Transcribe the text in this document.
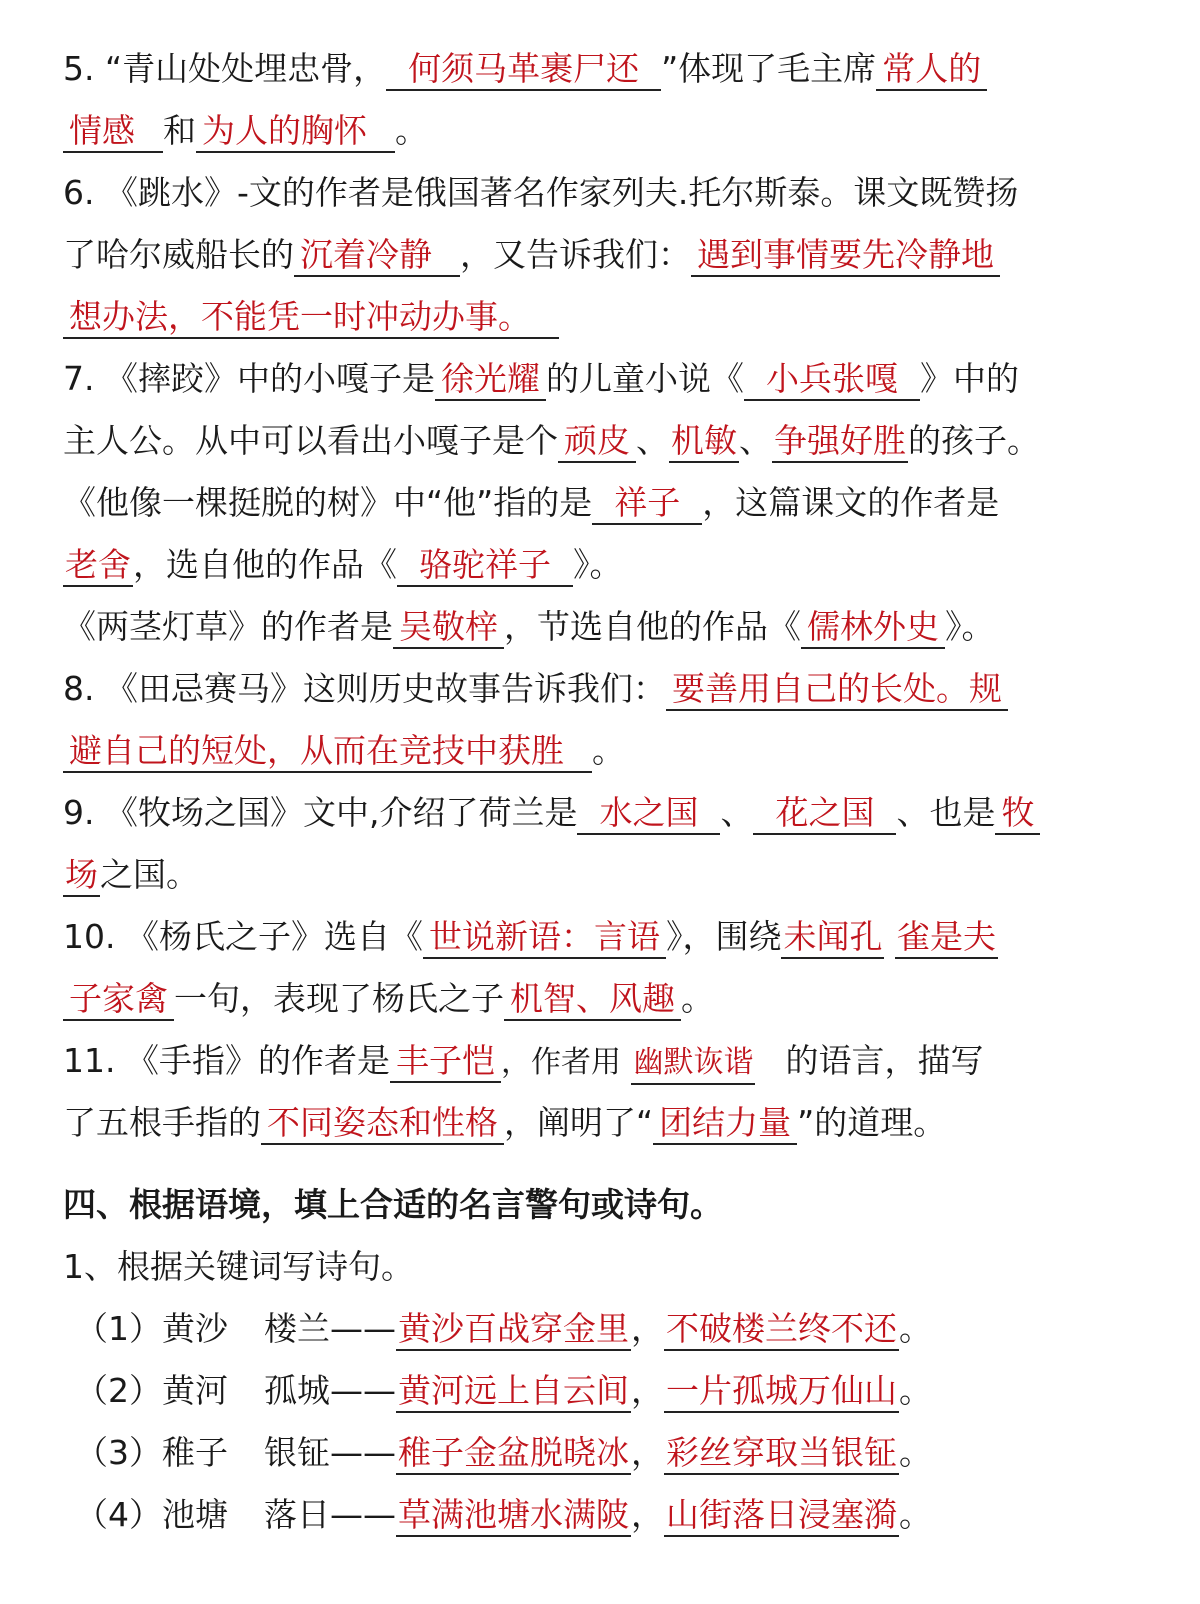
5. “青山处处埋忠骨， 何须马革裹尸还 ”体现了毛主席 常人的
情感 和 为人的胸怀 。
6. 《跳水》-文的作者是俄国著名作家列夫.托尔斯泰。课文既赞扬
了哈尔威船长的 沉着冷静 ，又告诉我们： 遇到事情要先冷静地
想办法，不能凭一时冲动办事。
7. 《摔跤》中的小嘎子是 徐光耀 的儿童小说《 小兵张嘎 》中的
主人公。从中可以看出小嘎子是个 顽皮 、机敏、争强好胜的孩子。
《他像一棵挺脱的树》中“他”指的是 祥子 ，这篇课文的作者是
老舍，选自他的作品《 骆驼祥子 》。
《两茎灯草》的作者是 吴敬梓 ，节选自他的作品《 儒林外史 》。
8. 《田忌赛马》这则历史故事告诉我们： 要善用自己的长处。规
避自己的短处，从而在竞技中获胜 。
9. 《牧场之国》文中,介绍了荷兰是 水之国 、 花之国 、也是 牧
场之国。
10. 《杨氏之子》选自《 世说新语：言语 》，围绕未闻孔 雀是夫
子家禽 一句，表现了杨氏之子 机智、风趣 。
11. 《手指》的作者是 丰子恺 ，作者用 幽默诙谐 的语言，描写
了五根手指的 不同姿态和性格 ，阐明了“ 团结力量 ”的道理。
四、根据语境，填上合适的名言警句或诗句。
1、根据关键词写诗句。
（1）黄沙 楼兰——黄沙百战穿金里，不破楼兰终不还。
（2）黄河 孤城——黄河远上自云间，一片孤城万仙山。
（3）稚子 银钲——稚子金盆脱晓冰，彩丝穿取当银钲。
（4）池塘 落日——草满池塘水满陂，山街落日浸塞漪。
